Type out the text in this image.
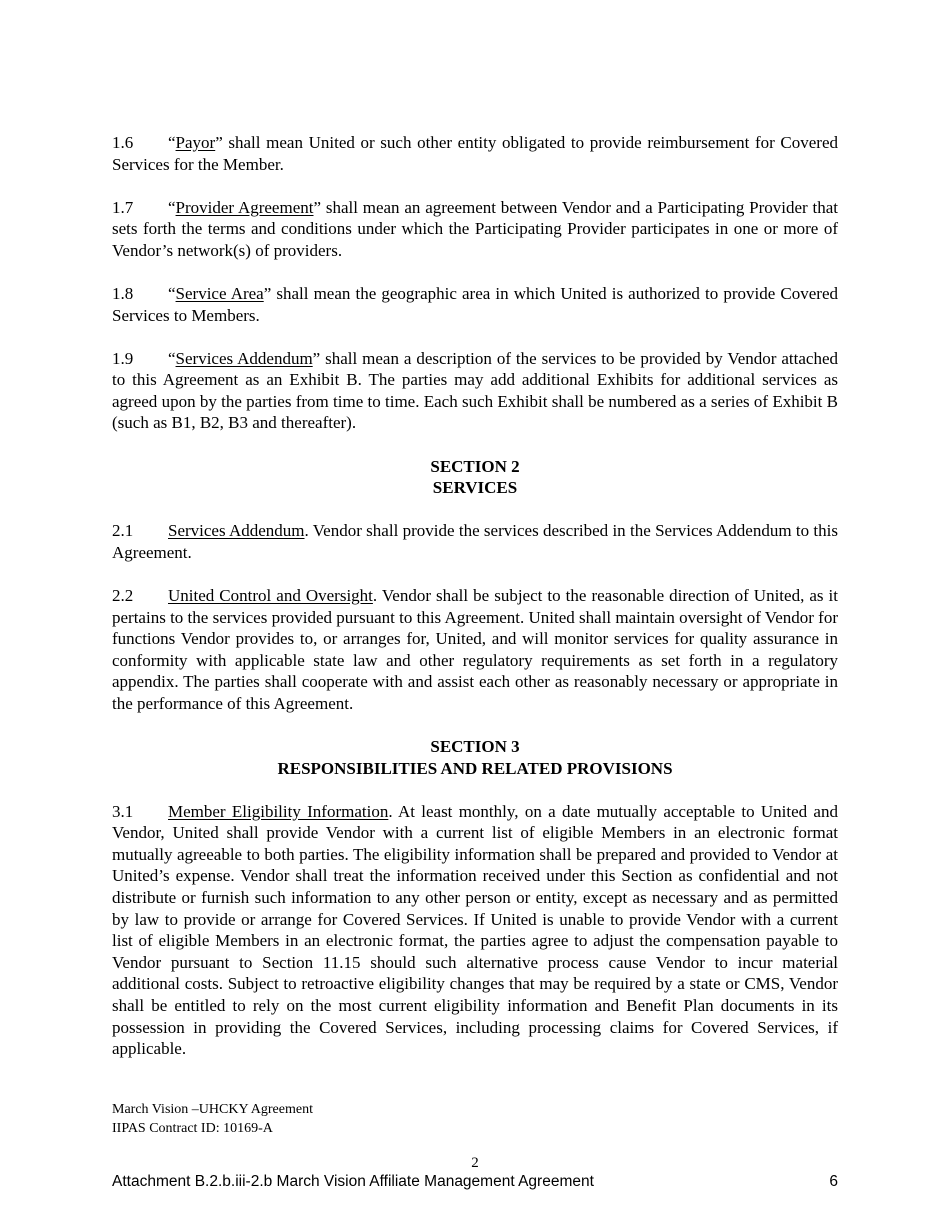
1.6 “Payor” shall mean United or such other entity obligated to provide reimbursement for Covered Services for the Member.

1.7 “Provider Agreement” shall mean an agreement between Vendor and a Participating Provider that sets forth the terms and conditions under which the Participating Provider participates in one or more of Vendor’s network(s) of providers.

1.8 “Service Area” shall mean the geographic area in which United is authorized to provide Covered Services to Members.

1.9 “Services Addendum” shall mean a description of the services to be provided by Vendor attached to this Agreement as an Exhibit B. The parties may add additional Exhibits for additional services as agreed upon by the parties from time to time. Each such Exhibit shall be numbered as a series of Exhibit B (such as B1, B2, B3 and thereafter).

SECTION 2
SERVICES

2.1 Services Addendum. Vendor shall provide the services described in the Services Addendum to this Agreement.

2.2 United Control and Oversight. Vendor shall be subject to the reasonable direction of United, as it pertains to the services provided pursuant to this Agreement. United shall maintain oversight of Vendor for functions Vendor provides to, or arranges for, United, and will monitor services for quality assurance in conformity with applicable state law and other regulatory requirements as set forth in a regulatory appendix. The parties shall cooperate with and assist each other as reasonably necessary or appropriate in the performance of this Agreement.

SECTION 3
RESPONSIBILITIES AND RELATED PROVISIONS

3.1 Member Eligibility Information. At least monthly, on a date mutually acceptable to United and Vendor, United shall provide Vendor with a current list of eligible Members in an electronic format mutually agreeable to both parties. The eligibility information shall be prepared and provided to Vendor at United’s expense. Vendor shall treat the information received under this Section as confidential and not distribute or furnish such information to any other person or entity, except as necessary and as permitted by law to provide or arrange for Covered Services. If United is unable to provide Vendor with a current list of eligible Members in an electronic format, the parties agree to adjust the compensation payable to Vendor pursuant to Section 11.15 should such alternative process cause Vendor to incur material additional costs. Subject to retroactive eligibility changes that may be required by a state or CMS, Vendor shall be entitled to rely on the most current eligibility information and Benefit Plan documents in its possession in providing the Covered Services, including processing claims for Covered Services, if applicable.

March Vision –UHCKY Agreement
IIPAS Contract ID: 10169-A
2
Attachment B.2.b.iii-2.b March Vision Affiliate Management Agreement	6
